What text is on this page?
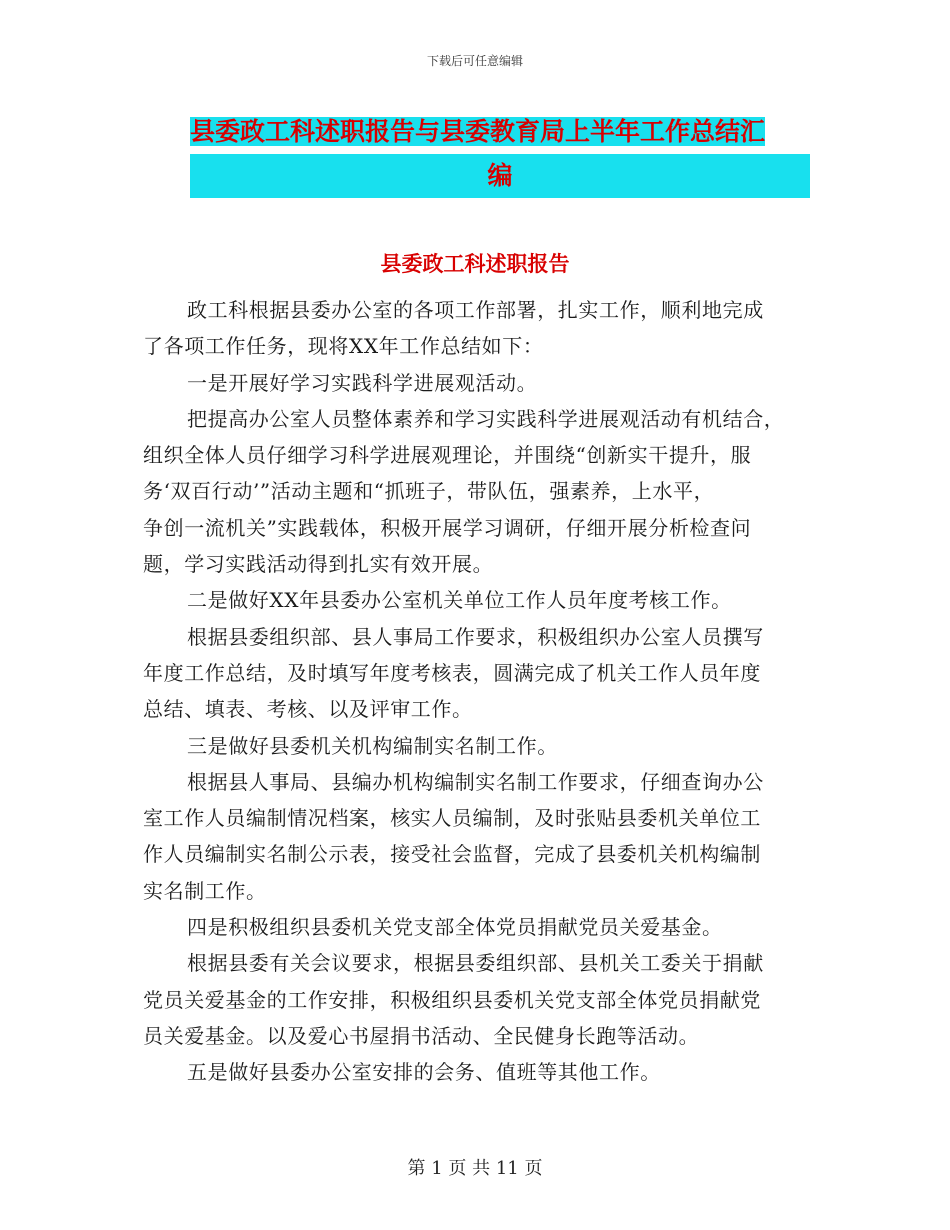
下载后可任意编辑
县委政工科述职报告与县委教育局上半年工作总结汇
编
县委政工科述职报告

政工科根据县委办公室的各项工作部署，扎实工作，顺利地完成
了各项工作任务，现将XX年工作总结如下：

一是开展好学习实践科学进展观活动。

把提高办公室人员整体素养和学习实践科学进展观活动有机结合，
组织全体人员仔细学习科学进展观理论，并围绕“创新实干提升，服
务‘双百行动’”活动主题和“抓班子，带队伍，强素养，上水平，
争创一流机关”实践载体，积极开展学习调研，仔细开展分析检查问
题，学习实践活动得到扎实有效开展。

二是做好XX年县委办公室机关单位工作人员年度考核工作。

根据县委组织部、县人事局工作要求，积极组织办公室人员撰写
年度工作总结，及时填写年度考核表，圆满完成了机关工作人员年度
总结、填表、考核、以及评审工作。

三是做好县委机关机构编制实名制工作。

根据县人事局、县编办机构编制实名制工作要求，仔细查询办公
室工作人员编制情况档案，核实人员编制，及时张贴县委机关单位工
作人员编制实名制公示表，接受社会监督，完成了县委机关机构编制
实名制工作。

四是积极组织县委机关党支部全体党员捐献党员关爱基金。

根据县委有关会议要求，根据县委组织部、县机关工委关于捐献
党员关爱基金的工作安排，积极组织县委机关党支部全体党员捐献党
员关爱基金。以及爱心书屋捐书活动、全民健身长跑等活动。

五是做好县委办公室安排的会务、值班等其他工作。

第 1 页 共 11 页
